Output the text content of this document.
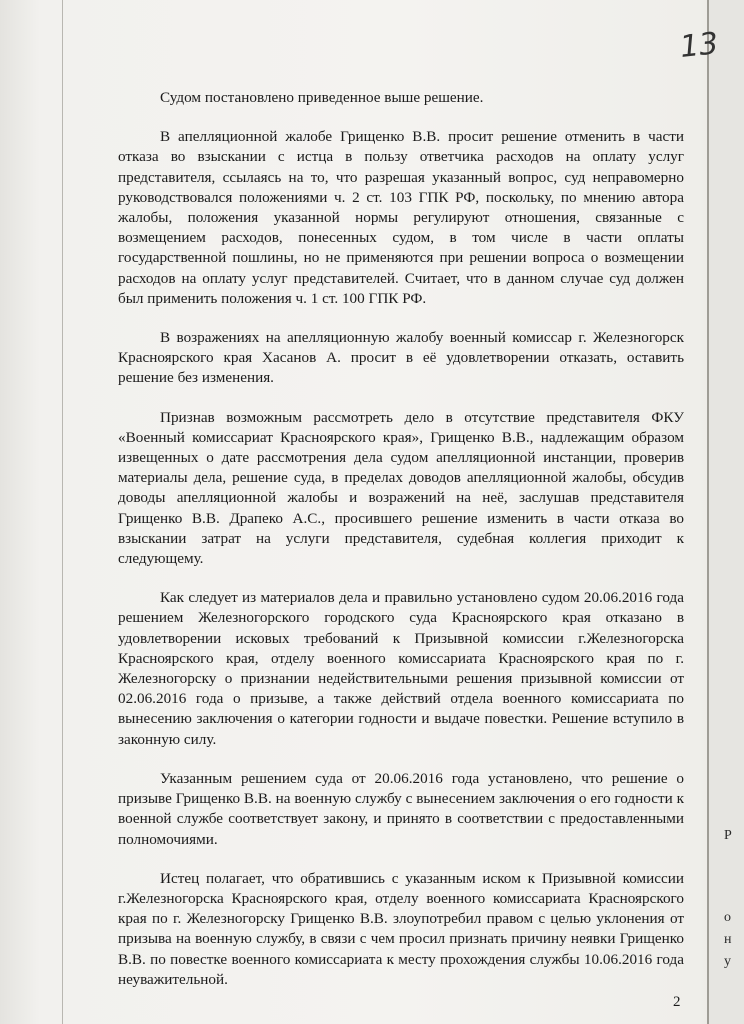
Р
о
н
у
13

Судом постановлено приведенное выше решение.

В апелляционной жалобе Грищенко В.В. просит решение отменить в части отказа во взыскании с истца в пользу ответчика расходов на оплату услуг представителя, ссылаясь на то, что разрешая указанный вопрос, суд неправомерно руководствовался положениями ч. 2 ст. 103 ГПК РФ, поскольку, по мнению автора жалобы, положения указанной нормы регулируют отношения, связанные с возмещением расходов, понесенных судом, в том числе в части оплаты государственной пошлины, но не применяются при решении вопроса о возмещении расходов на оплату услуг представителей. Считает, что в данном случае суд должен был применить положения ч. 1 ст. 100 ГПК РФ.

В возражениях на апелляционную жалобу военный комиссар г. Железногорск Красноярского края Хасанов А. просит в её удовлетворении отказать, оставить решение без изменения.

Признав возможным рассмотреть дело в отсутствие представителя ФКУ «Военный комиссариат Красноярского края», Грищенко В.В., надлежащим образом извещенных о дате рассмотрения дела судом апелляционной инстанции, проверив материалы дела, решение суда, в пределах доводов апелляционной жалобы, обсудив доводы апелляционной жалобы и возражений на неё, заслушав представителя Грищенко В.В. Драпеко А.С., просившего решение изменить в части отказа во взыскании затрат на услуги представителя, судебная коллегия приходит к следующему.

Как следует из материалов дела и правильно установлено судом 20.06.2016 года решением Железногорского городского суда Красноярского края отказано в удовлетворении исковых требований к Призывной комиссии г.Железногорска Красноярского края, отделу военного комиссариата Красноярского края по г. Железногорску о признании недействительными решения призывной комиссии от 02.06.2016 года о призыве, а также действий отдела военного комиссариата по вынесению заключения о категории годности и выдаче повестки. Решение вступило в законную силу.

Указанным решением суда от 20.06.2016 года установлено, что решение о призыве Грищенко В.В. на военную службу с вынесением заключения о его годности к военной службе соответствует закону, и принято в соответствии с предоставленными полномочиями.

Истец полагает, что обратившись с указанным иском к Призывной комиссии г.Железногорска Красноярского края, отделу военного комиссариата Красноярского края по г. Железногорску Грищенко В.В. злоупотребил правом с целью уклонения от призыва на военную службу, в связи с чем просил признать причину неявки Грищенко В.В. по повестке военного комиссариата к месту прохождения службы 10.06.2016 года неуважительной.

2
